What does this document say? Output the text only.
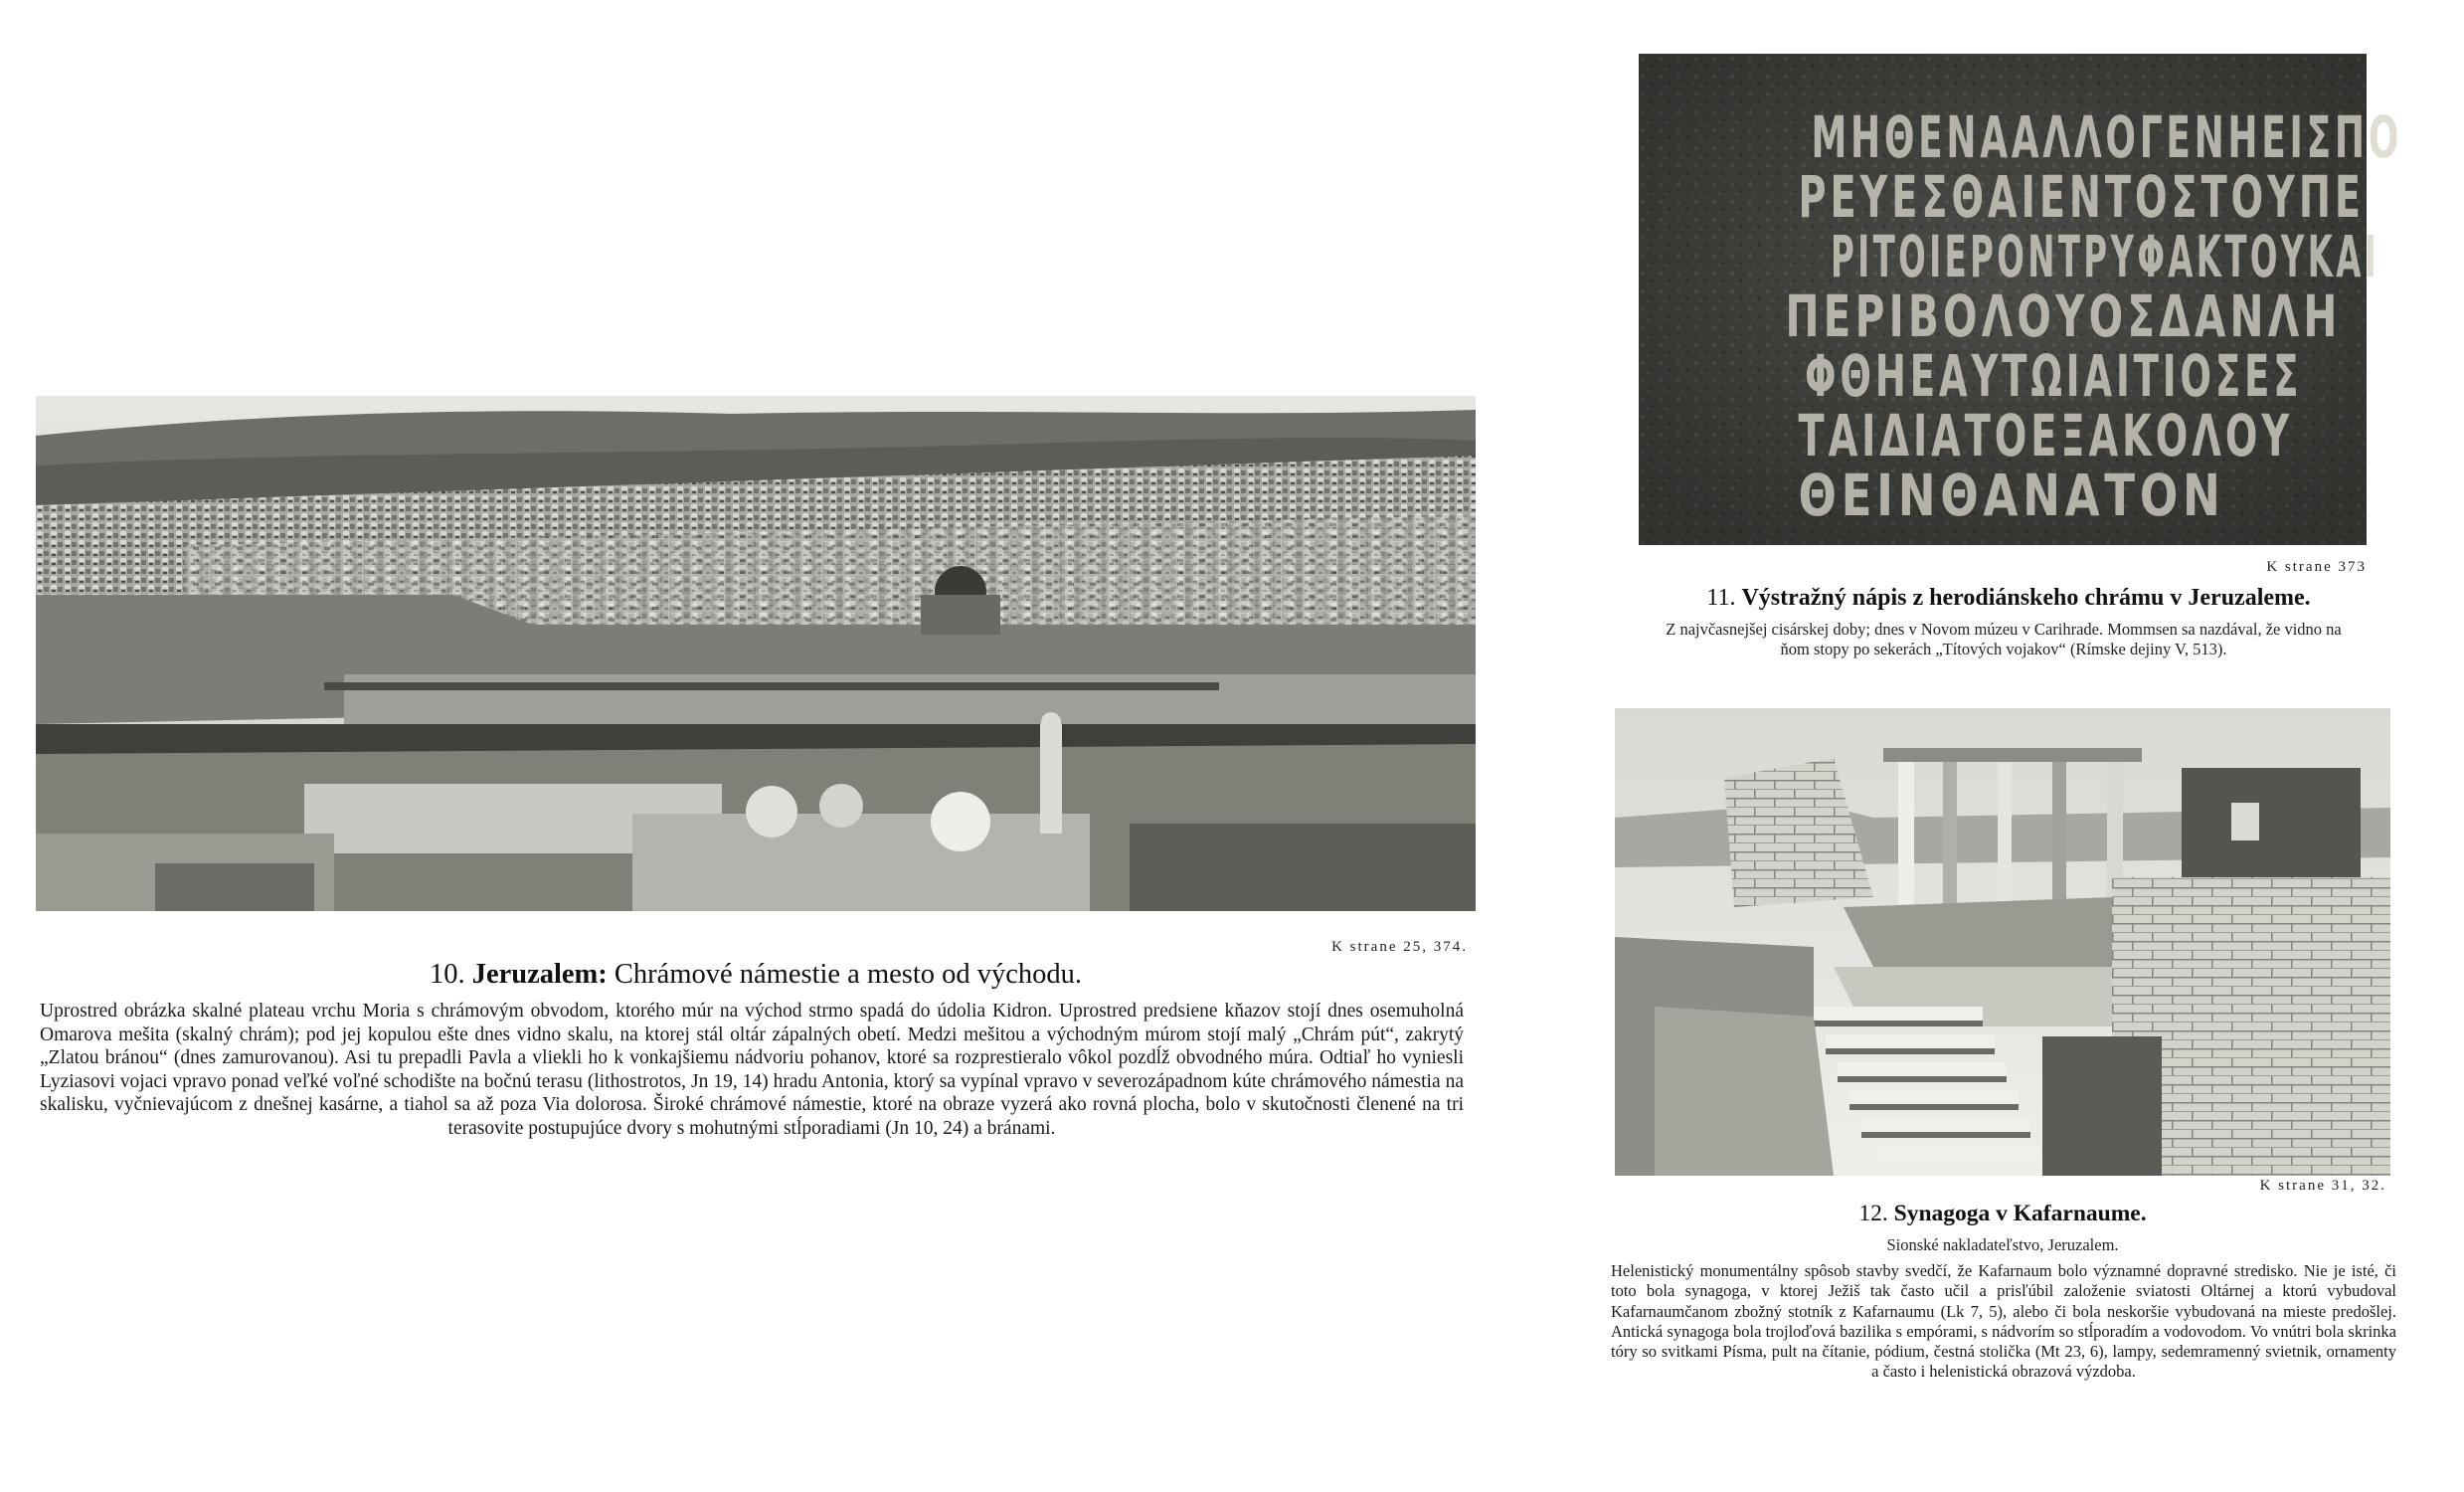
K strane 25, 374.
10. Jeruzalem: Chrámové námestie a mesto od východu.
Uprostred obrázka skalné plateau vrchu Moria s chrámovým obvodom, ktorého múr na východ strmo spadá do údolia Kidron. Uprostred predsiene kňazov stojí dnes osemuholná Omarova mešita (skalný chrám); pod jej kopulou ešte dnes vidno skalu, na ktorej stál oltár zápalných obetí. Medzi mešitou a východným múrom stojí malý „Chrám pút“, zakrytý „Zlatou bránou“ (dnes zamurovanou). Asi tu prepadli Pavla a vliekli ho k vonkajšiemu nádvoriu pohanov, ktoré sa rozprestieralo vôkol pozdĺž obvodného múra. Odtiaľ ho vyniesli Lyziasovi vojaci vpravo ponad veľké voľné schodište na bočnú terasu (lithostrotos, Jn 19, 14) hradu Antonia, ktorý sa vypínal vpravo v severozápadnom kúte chrámového námestia na skalisku, vyčnievajúcom z dnešnej kasárne, a tiahol sa až poza Via dolorosa. Široké chrámové námestie, ktoré na obraze vyzerá ako rovná plocha, bolo v skutočnosti členené na tri terasovite postupujúce dvory s mohutnými stĺporadiami (Jn 10, 24) a bránami.
ΜΗΘΕΝΑΑΛΛΟΓΕΝΗΕΙΣΠΟ
ΡΕΥΕΣΘΑΙΕΝΤΟΣΤΟΥΠΕ
ΡΙΤΟΙΕΡΟΝΤΡΥΦΑΚΤΟΥΚΑΙ
ΠΕΡΙΒΟΛΟΥΟΣΔΑΝΛΗ
ΦΘΗΕΑΥΤΩΙΑΙΤΙΟΣΕΣ
ΤΑΙΔΙΑΤΟΕΞΑΚΟΛΟΥ
ΘΕΙΝΘΑΝΑΤΟΝ
K strane 373
11. Výstražný nápis z herodiánskeho chrámu v Jeruzaleme.
Z najvčasnejšej cisárskej doby; dnes v Novom múzeu v Carihrade. Mommsen sa nazdával, že vidno na ňom stopy po sekerách „Títových vojakov“ (Rímske dejiny V, 513).
K strane 31, 32.
12. Synagoga v Kafarnaume.
Sionské nakladateľstvo, Jeruzalem.
Helenistický monumentálny spôsob stavby svedčí, že Kafarnaum bolo významné dopravné stredisko. Nie je isté, či toto bola synagoga, v ktorej Ježiš tak často učil a prisľúbil založenie sviatosti Oltárnej a ktorú vybudoval Kafarnaumčanom zbožný stotník z Kafarnaumu (Lk 7, 5), alebo či bola neskoršie vybudovaná na mieste predošlej. Antická synagoga bola trojloďová bazilika s empórami, s nádvorím so stĺporadím a vodovodom. Vo vnútri bola skrinka tóry so svitkami Písma, pult na čítanie, pódium, čestná stolička (Mt 23, 6), lampy, sedemramenný svietnik, ornamenty a často i helenistická obrazová výzdoba.
